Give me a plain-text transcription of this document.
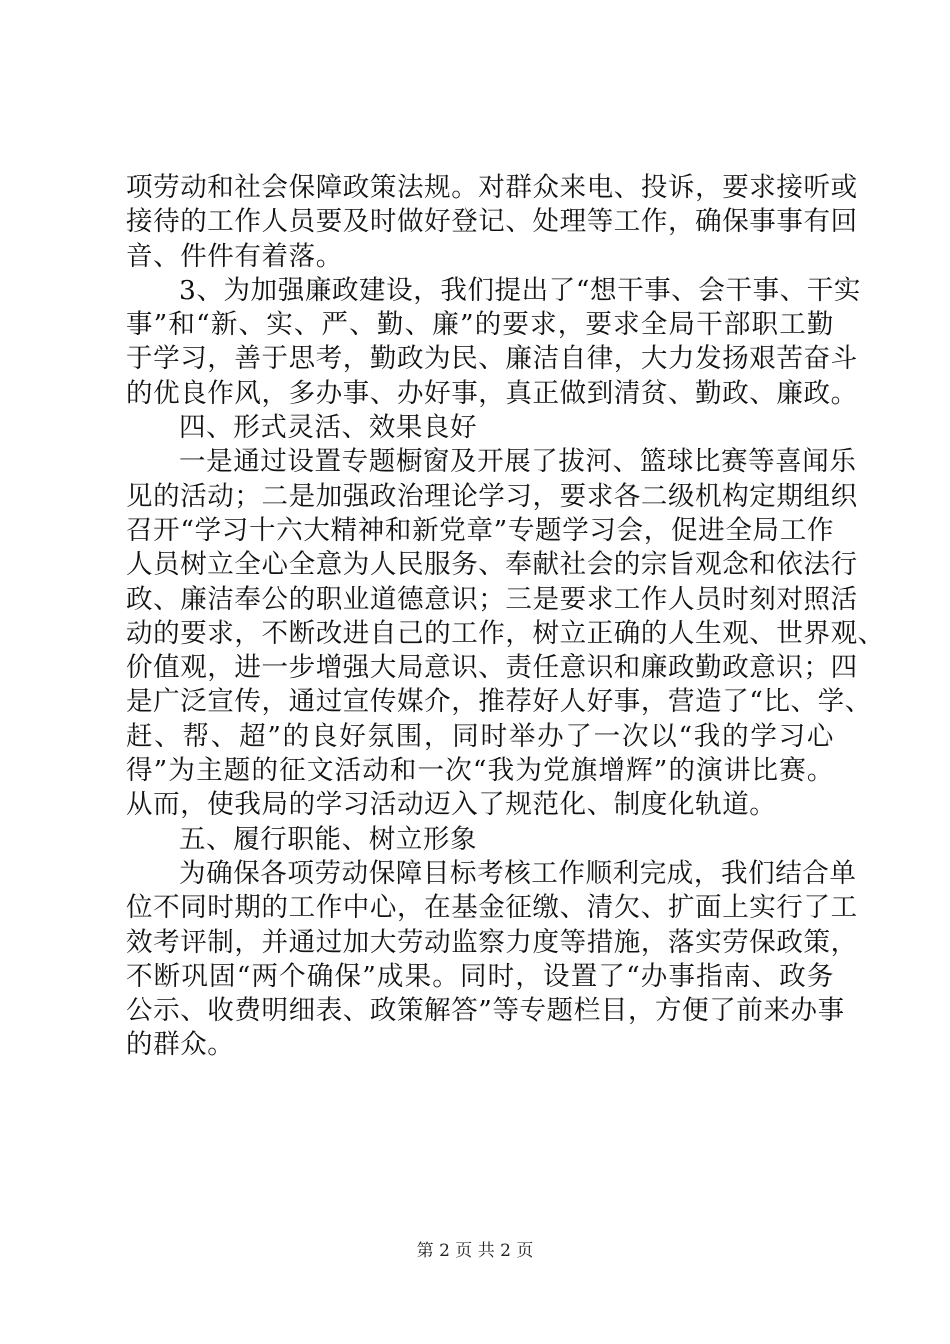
项劳动和社会保障政策法规。对群众来电、投诉，要求接听或
接待的工作人员要及时做好登记、处理等工作，确保事事有回
音、件件有着落。
3、为加强廉政建设，我们提出了“想干事、会干事、干实
事”和“新、实、严、勤、廉”的要求，要求全局干部职工勤
于学习，善于思考，勤政为民、廉洁自律，大力发扬艰苦奋斗
的优良作风，多办事、办好事，真正做到清贫、勤政、廉政。
四、形式灵活、效果良好
一是通过设置专题橱窗及开展了拔河、篮球比赛等喜闻乐
见的活动；二是加强政治理论学习，要求各二级机构定期组织
召开“学习十六大精神和新党章”专题学习会，促进全局工作
人员树立全心全意为人民服务、奉献社会的宗旨观念和依法行
政、廉洁奉公的职业道德意识；三是要求工作人员时刻对照活
动的要求，不断改进自己的工作，树立正确的人生观、世界观、
价值观，进一步增强大局意识、责任意识和廉政勤政意识；四
是广泛宣传，通过宣传媒介，推荐好人好事，营造了“比、学、
赶、帮、超”的良好氛围，同时举办了一次以“我的学习心
得”为主题的征文活动和一次“我为党旗增辉”的演讲比赛。
从而，使我局的学习活动迈入了规范化、制度化轨道。
五、履行职能、树立形象
为确保各项劳动保障目标考核工作顺利完成，我们结合单
位不同时期的工作中心，在基金征缴、清欠、扩面上实行了工
效考评制，并通过加大劳动监察力度等措施，落实劳保政策，
不断巩固“两个确保”成果。同时，设置了“办事指南、政务
公示、收费明细表、政策解答”等专题栏目，方便了前来办事
的群众。
第 2 页 共 2 页
